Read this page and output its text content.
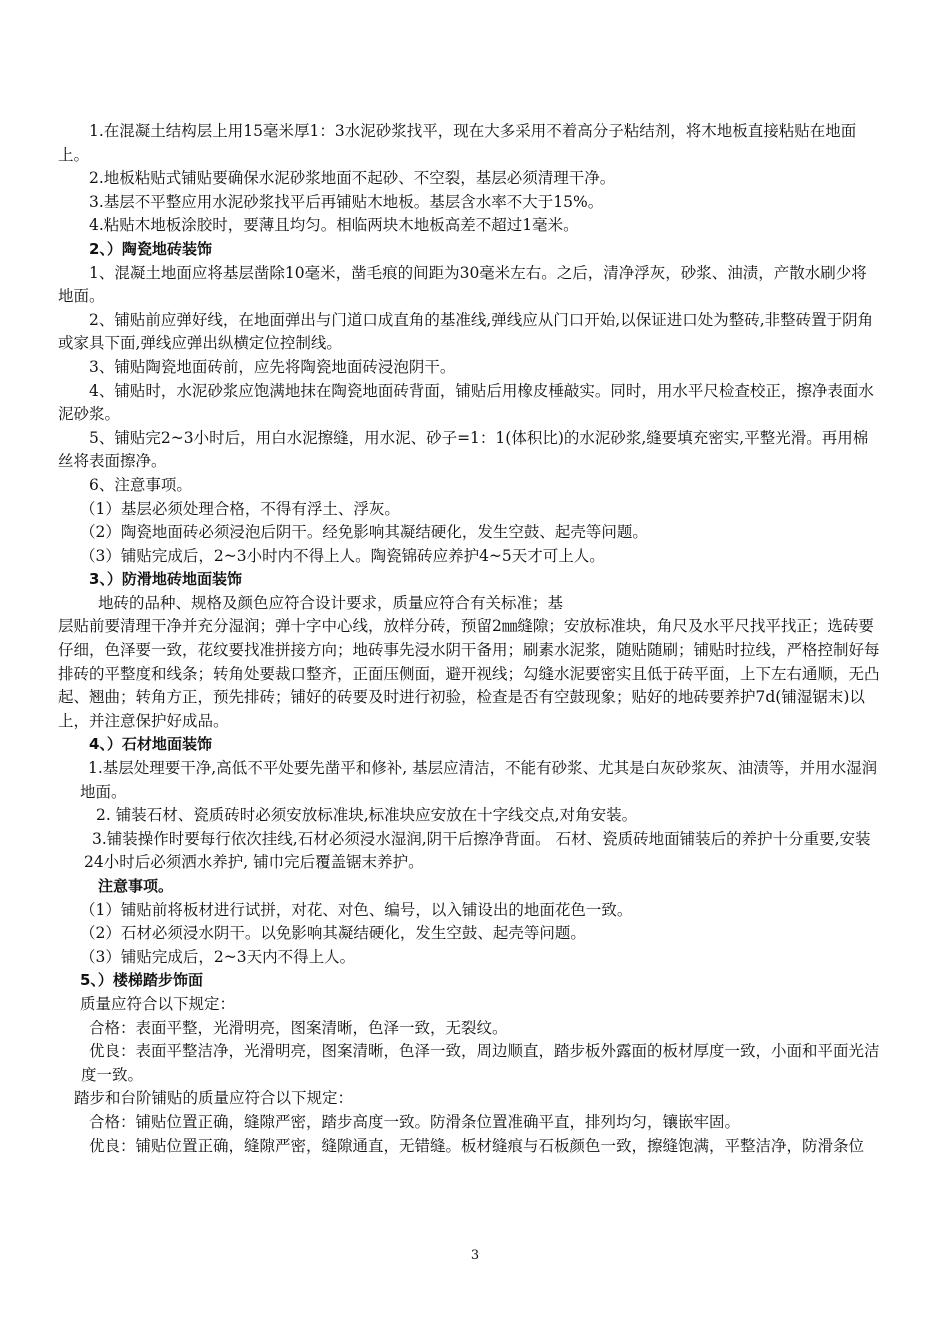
1.在混凝土结构层上用15毫米厚1：3水泥砂浆找平，现在大多采用不着高分子粘结剂，将木地板直接粘贴在地面上。

2.地板粘贴式铺贴要确保水泥砂浆地面不起砂、不空裂，基层必须清理干净。

3.基层不平整应用水泥砂浆找平后再铺贴木地板。基层含水率不大于15%。

4.粘贴木地板涂胶时，要薄且均匀。相临两块木地板高差不超过1毫米。

2、）陶瓷地砖装饰

1、混凝土地面应将基层凿除10毫米，凿毛痕的间距为30毫米左右。之后，清净浮灰，砂浆、油渍，产散水刷少将地面。

2、铺贴前应弹好线，在地面弹出与门道口成直角的基准线,弹线应从门口开始,以保证进口处为整砖,非整砖置于阴角或家具下面,弹线应弹出纵横定位控制线。

3、铺贴陶瓷地面砖前，应先将陶瓷地面砖浸泡阴干。

4、铺贴时，水泥砂浆应饱满地抹在陶瓷地面砖背面，铺贴后用橡皮棰敲实。同时，用水平尺检查校正，擦净表面水泥砂浆。

5、铺贴完2~3小时后，用白水泥擦缝，用水泥、砂子=1：1(体积比)的水泥砂浆,缝要填充密实,平整光滑。再用棉丝将表面擦净。

6、注意事项。

（1）基层必须处理合格，不得有浮土、浮灰。

（2）陶瓷地面砖必须浸泡后阴干。经免影响其凝结硬化，发生空鼓、起壳等问题。

（3）铺贴完成后，2~3小时内不得上人。陶瓷锦砖应养护4~5天才可上人。

3、）防滑地砖地面装饰

地砖的品种、规格及颜色应符合设计要求，质量应符合有关标准；基

层贴前要清理干净并充分湿润；弹十字中心线，放样分砖，预留2㎜缝隙；安放标准块，角尺及水平尺找平找正；选砖要仔细，色泽要一致，花纹要找准拼接方向；地砖事先浸水阴干备用；刷素水泥浆，随贴随刷；铺贴时拉线，严格控制好每排砖的平整度和线条；转角处要裁口整齐，正面压侧面，避开视线；勾缝水泥要密实且低于砖平面，上下左右通顺，无凸起、翘曲；转角方正，预先排砖；铺好的砖要及时进行初验，检查是否有空鼓现象；贴好的地砖要养护7d(铺湿锯末)以上，并注意保护好成品。

4、）石材地面装饰

1.基层处理要干净,高低不平处要先凿平和修补, 基层应清洁，不能有砂浆、尤其是白灰砂浆灰、油渍等，并用水湿润地面。

2. 铺装石材、瓷质砖时必须安放标准块,标准块应安放在十字线交点,对角安装。

3.铺装操作时要每行依次挂线,石材必须浸水湿润,阴干后擦净背面。 石材、瓷质砖地面铺装后的养护十分重要,安装24小时后必须洒水养护, 铺巾完后覆盖锯末养护。

注意事项。

（1）铺贴前将板材进行试拼，对花、对色、编号，以入铺设出的地面花色一致。

（2）石材必须浸水阴干。以免影响其凝结硬化，发生空鼓、起壳等问题。

（3）铺贴完成后，2~3天内不得上人。

5、）楼梯踏步饰面

质量应符合以下规定：

合格：表面平整，光滑明亮，图案清晰，色泽一致，无裂纹。

优良：表面平整洁净，光滑明亮，图案清晰，色泽一致，周边顺直，踏步板外露面的板材厚度一致，小面和平面光洁度一致。

踏步和台阶铺贴的质量应符合以下规定：

合格：铺贴位置正确，缝隙严密，踏步高度一致。防滑条位置准确平直，排列均匀，镶嵌牢固。

优良：铺贴位置正确，缝隙严密，缝隙通直，无错缝。板材缝痕与石板颜色一致，擦缝饱满，平整洁净，防滑条位

3
